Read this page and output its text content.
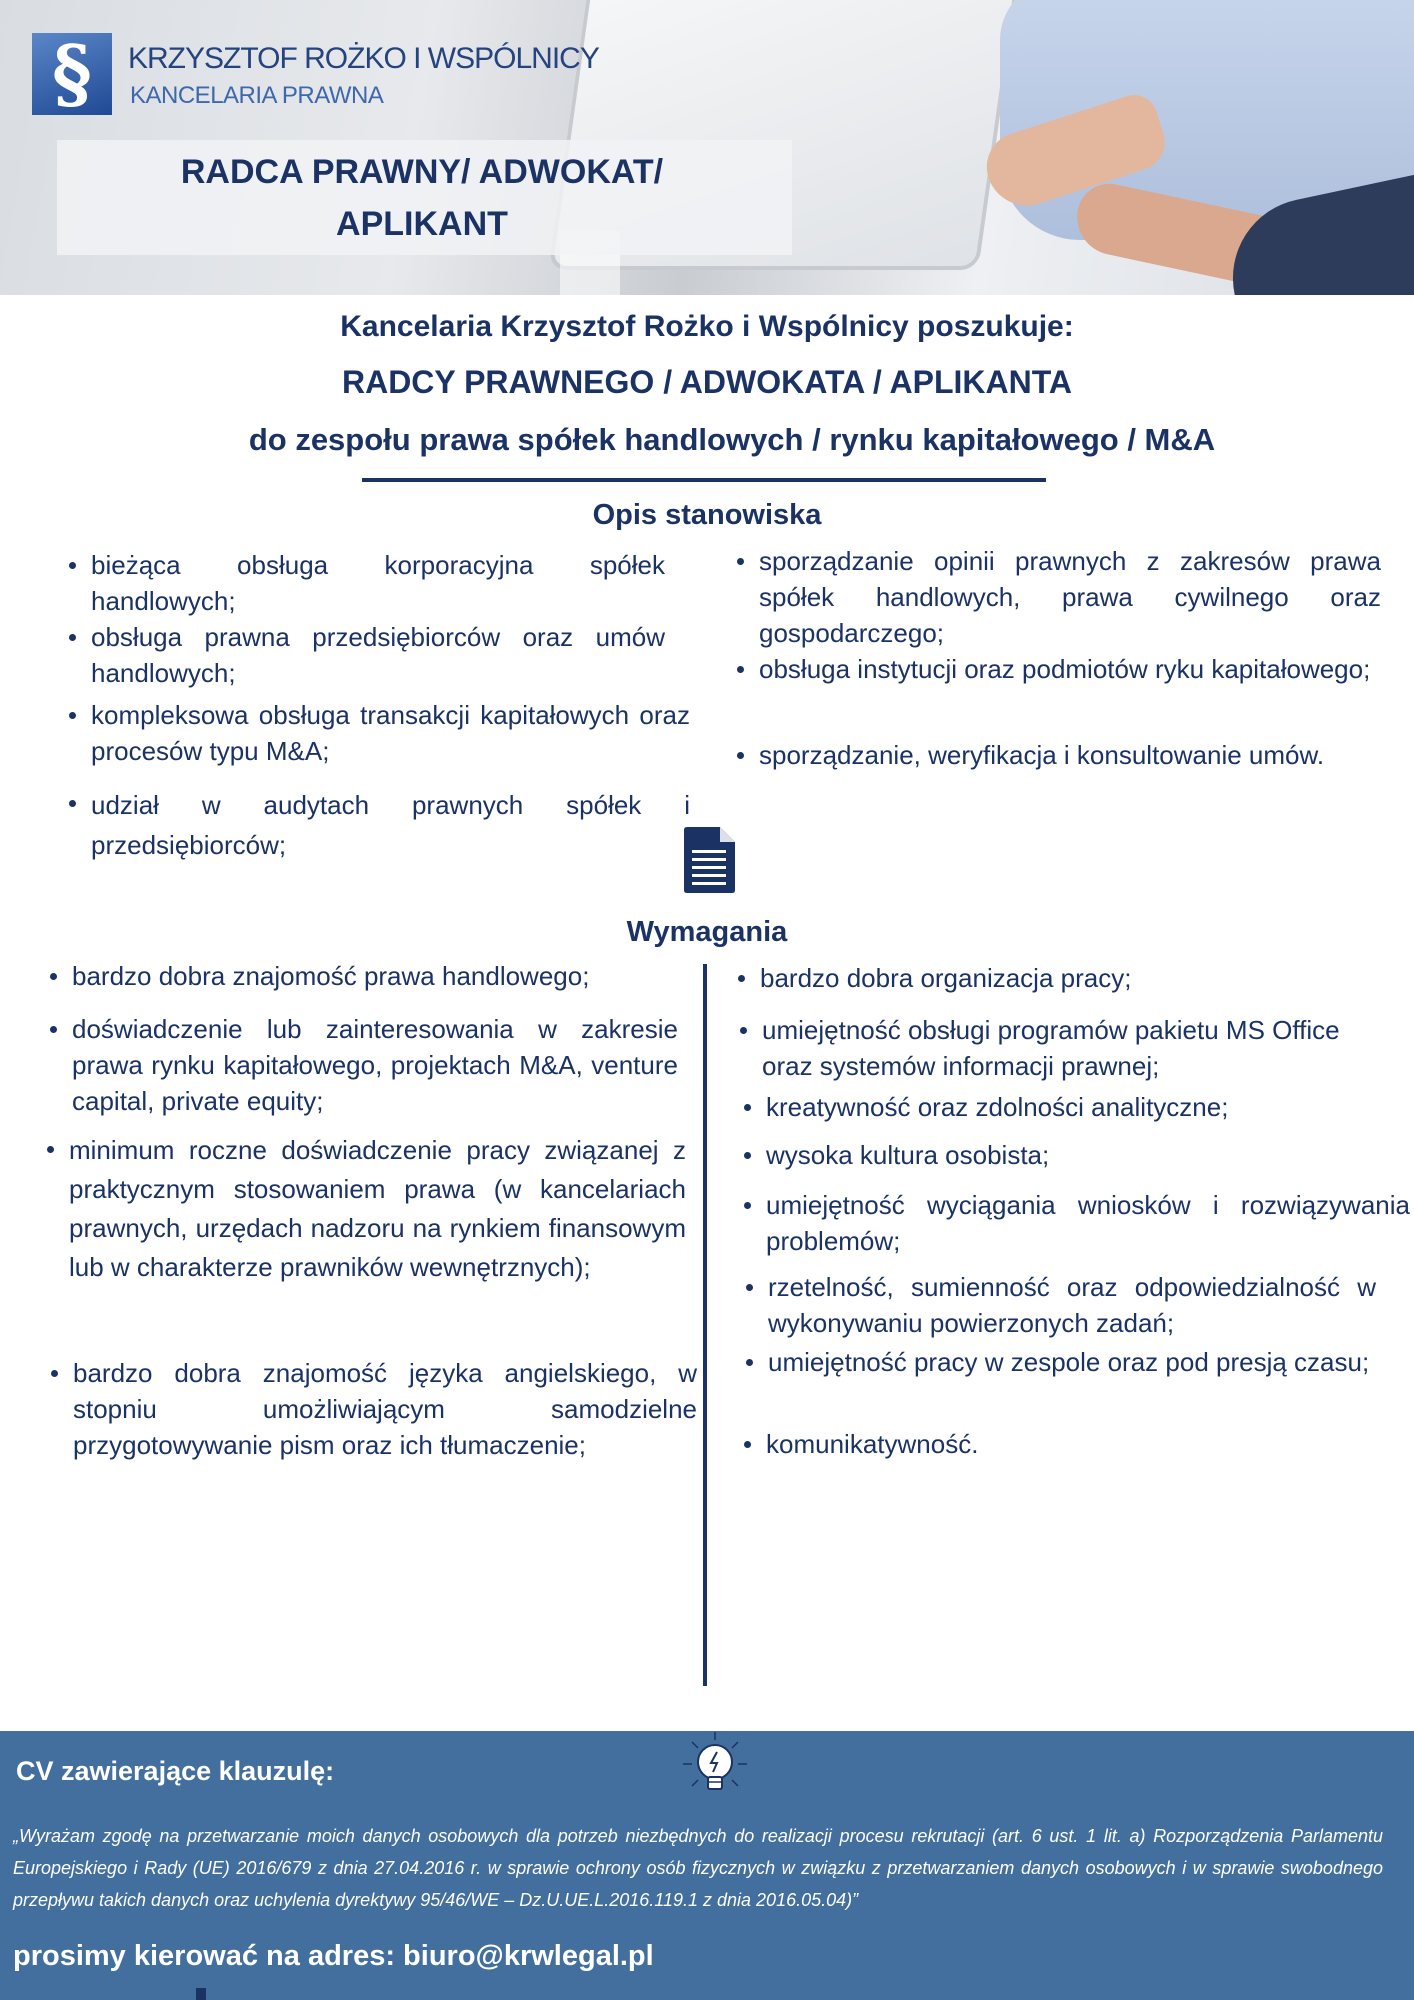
§	KRZYSZTOF ROŻKO I WSPÓLNICY
KANCELARIA PRAWNA
RADCA PRAWNY/ ADWOKAT/
APLIKANT
Kancelaria Krzysztof Rożko i Wspólnicy poszukuje:
RADCY PRAWNEGO / ADWOKATA / APLIKANTA
do zespołu prawa spółek handlowych / rynku kapitałowego / M&A
Opis stanowiska
bieżąca obsługa korporacyjna spółek handlowych;
obsługa prawna przedsiębiorców oraz umów handlowych;
kompleksowa obsługa transakcji kapitałowych oraz procesów typu M&A;
udział w audytach prawnych spółek i przedsiębiorców;
sporządzanie opinii prawnych z zakresów prawa spółek handlowych, prawa cywilnego oraz gospodarczego;
obsługa instytucji oraz podmiotów ryku kapitałowego;
sporządzanie, weryfikacja i konsultowanie umów.
Wymagania
bardzo dobra znajomość prawa handlowego;
doświadczenie lub zainteresowania w zakresie prawa rynku kapitałowego, projektach M&A, venture capital, private equity;
minimum roczne doświadczenie pracy związanej z praktycznym stosowaniem prawa (w kancelariach prawnych, urzędach nadzoru na rynkiem finansowym lub w charakterze prawników wewnętrznych);
bardzo dobra znajomość języka angielskiego, w stopniu umożliwiającym samodzielne przygotowywanie pism oraz ich tłumaczenie;
bardzo dobra organizacja pracy;
umiejętność obsługi programów pakietu MS Office oraz systemów informacji prawnej;
kreatywność oraz zdolności analityczne;
wysoka kultura osobista;
umiejętność wyciągania wniosków i rozwiązywania problemów;
rzetelność, sumienność oraz odpowiedzialność w wykonywaniu powierzonych zadań;
umiejętność pracy w zespole oraz pod presją czasu;
komunikatywność.
CV zawierające klauzulę:
„Wyrażam zgodę na przetwarzanie moich danych osobowych dla potrzeb niezbędnych do realizacji procesu rekrutacji (art. 6 ust. 1 lit. a) Rozporządzenia Parlamentu Europejskiego i Rady (UE) 2016/679 z dnia 27.04.2016 r. w sprawie ochrony osób fizycznych w związku z przetwarzaniem danych osobowych i w sprawie swobodnego przepływu takich danych oraz uchylenia dyrektywy 95/46/WE – Dz.U.UE.L.2016.119.1 z dnia 2016.05.04)”
prosimy kierować na adres: biuro@krwlegal.pl
